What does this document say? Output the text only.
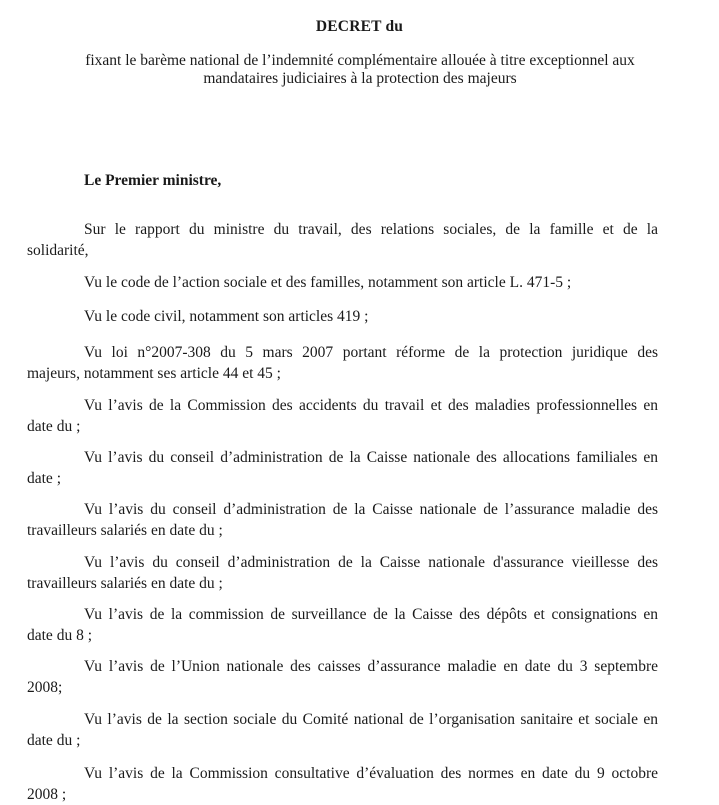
DECRET du
fixant le barème national de l’indemnité complémentaire allouée à titre exceptionnel aux
mandataires judiciaires à la protection des majeurs
Le Premier ministre,
Sur le rapport du ministre du travail, des relations sociales, de la famille et de la
solidarité,
Vu le code de l’action sociale et des familles, notamment son article L. 471-5 ;
Vu le code civil, notamment son articles 419 ;
Vu loi n°2007-308 du 5 mars 2007 portant réforme de la protection juridique des
majeurs, notamment ses article 44 et 45 ;
Vu l’avis de la Commission des accidents du travail et des maladies professionnelles en
date du ;
Vu l’avis du conseil d’administration de la Caisse nationale des allocations familiales en
date ;
Vu l’avis du conseil d’administration de la Caisse nationale de l’assurance maladie des
travailleurs salariés en date du ;
Vu l’avis du conseil d’administration de la Caisse nationale d'assurance vieillesse des
travailleurs salariés en date du ;
Vu l’avis de la commission de surveillance de la Caisse des dépôts et consignations en
date du 8 ;
Vu l’avis de l’Union nationale des caisses d’assurance maladie en date du 3 septembre
2008;
Vu l’avis de la section sociale du Comité national de l’organisation sanitaire et sociale en
date du ;
Vu l’avis de la Commission consultative d’évaluation des normes en date du 9 octobre
2008 ;
